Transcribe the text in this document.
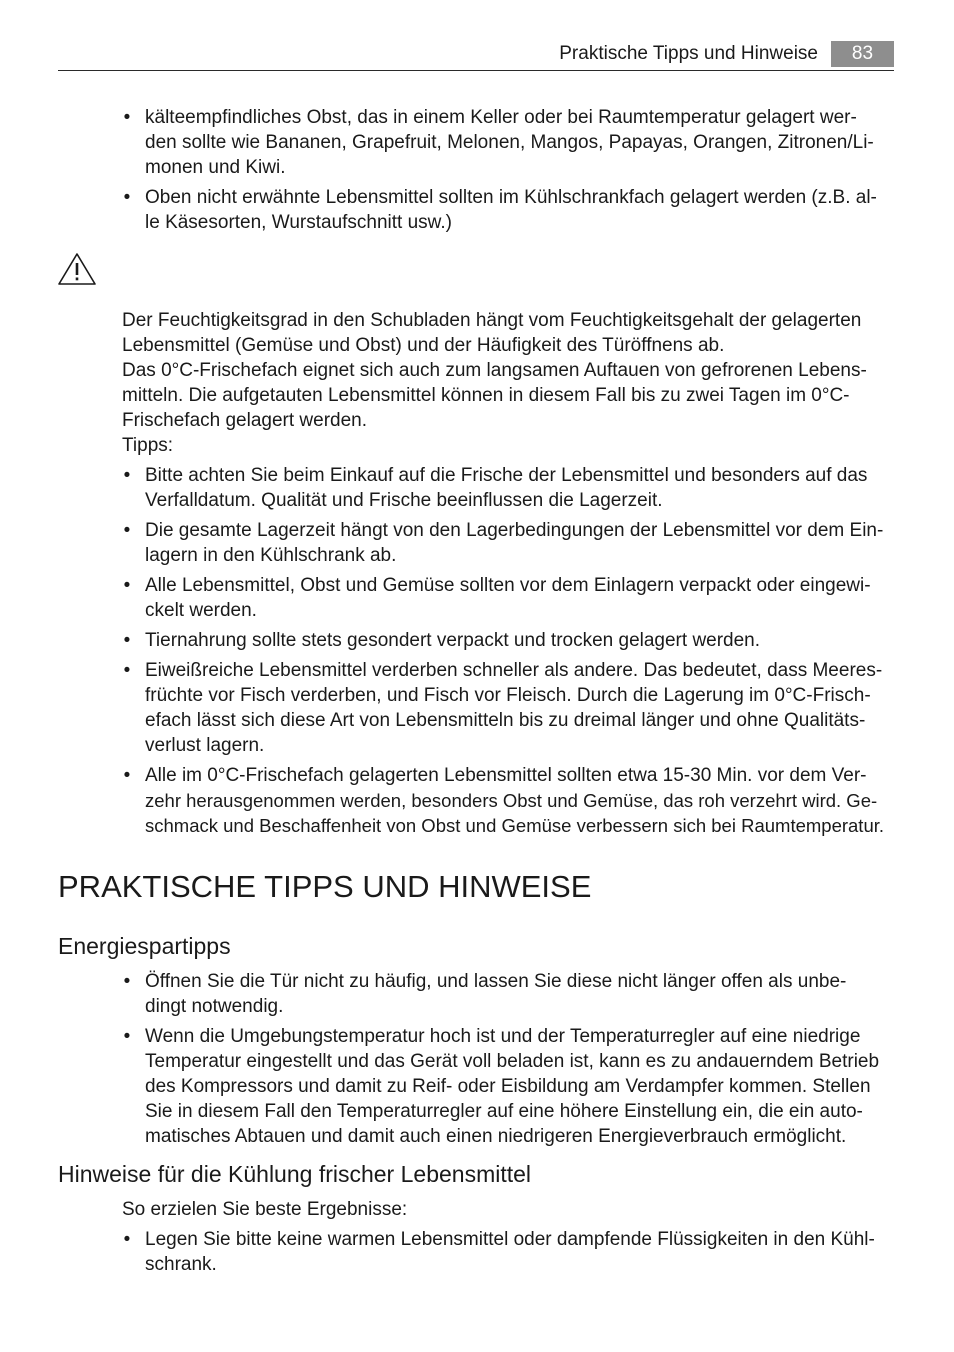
Praktische Tipps und Hinweise	83
• kälteempfindliches Obst, das in einem Keller oder bei Raumtemperatur gelagert wer-
den sollte wie Bananen, Grapefruit, Melonen, Mangos, Papayas, Orangen, Zitronen/Li-
monen und Kiwi.
• Oben nicht erwähnte Lebensmittel sollten im Kühlschrankfach gelagert werden (z.B. al-
le Käsesorten, Wurstaufschnitt usw.)
Der Feuchtigkeitsgrad in den Schubladen hängt vom Feuchtigkeitsgehalt der gelagerten
Lebensmittel (Gemüse und Obst) und der Häufigkeit des Türöffnens ab.
Das 0°C-Frischefach eignet sich auch zum langsamen Auftauen von gefrorenen Lebens-
mitteln. Die aufgetauten Lebensmittel können in diesem Fall bis zu zwei Tagen im 0°C-
Frischefach gelagert werden.
Tipps:
• Bitte achten Sie beim Einkauf auf die Frische der Lebensmittel und besonders auf das
Verfalldatum. Qualität und Frische beeinflussen die Lagerzeit.
• Die gesamte Lagerzeit hängt von den Lagerbedingungen der Lebensmittel vor dem Ein-
lagern in den Kühlschrank ab.
• Alle Lebensmittel, Obst und Gemüse sollten vor dem Einlagern verpackt oder eingewi-
ckelt werden.
• Tiernahrung sollte stets gesondert verpackt und trocken gelagert werden.
• Eiweißreiche Lebensmittel verderben schneller als andere. Das bedeutet, dass Meeres-
früchte vor Fisch verderben, und Fisch vor Fleisch. Durch die Lagerung im 0°C-Frisch-
efach lässt sich diese Art von Lebensmitteln bis zu dreimal länger und ohne Qualitäts-
verlust lagern.
• Alle im 0°C-Frischefach gelagerten Lebensmittel sollten etwa 15-30 Min. vor dem Ver-
zehr herausgenommen werden, besonders Obst und Gemüse, das roh verzehrt wird. Ge-
schmack und Beschaffenheit von Obst und Gemüse verbessern sich bei Raumtemperatur.
PRAKTISCHE TIPPS UND HINWEISE
Energiespartipps
• Öffnen Sie die Tür nicht zu häufig, und lassen Sie diese nicht länger offen als unbe-
dingt notwendig.
• Wenn die Umgebungstemperatur hoch ist und der Temperaturregler auf eine niedrige
Temperatur eingestellt und das Gerät voll beladen ist, kann es zu andauerndem Betrieb
des Kompressors und damit zu Reif- oder Eisbildung am Verdampfer kommen. Stellen
Sie in diesem Fall den Temperaturregler auf eine höhere Einstellung ein, die ein auto-
matisches Abtauen und damit auch einen niedrigeren Energieverbrauch ermöglicht.
Hinweise für die Kühlung frischer Lebensmittel
So erzielen Sie beste Ergebnisse:
• Legen Sie bitte keine warmen Lebensmittel oder dampfende Flüssigkeiten in den Kühl-
schrank.
